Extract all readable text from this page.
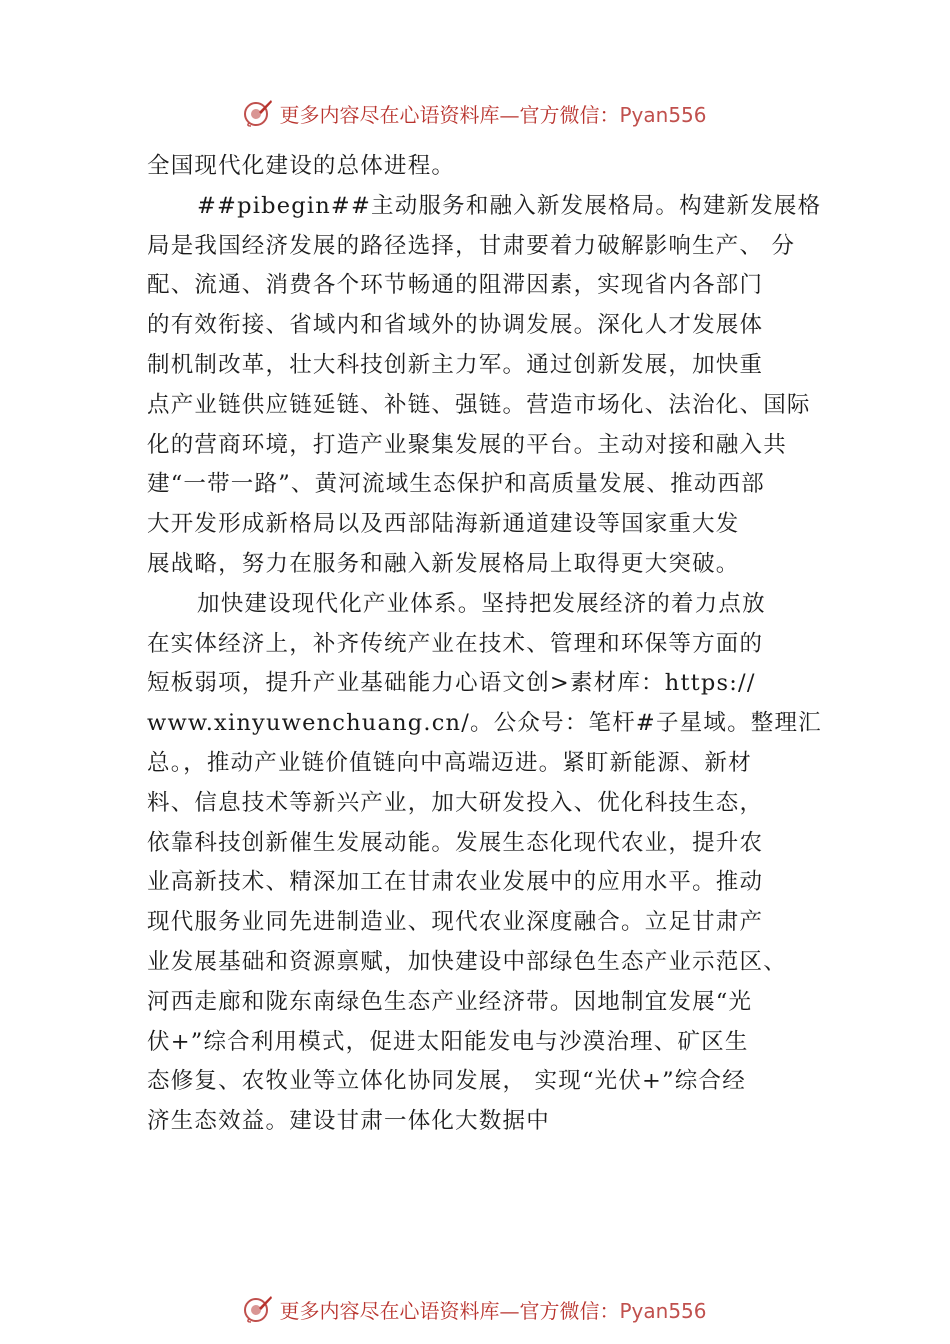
更多内容尽在心语资料库—官方微信：Pyan556
全国现代化建设的总体进程。
##pibegin##主动服务和融入新发展格局。构建新发展格
局是我国经济发展的路径选择，甘肃要着力破解影响生产、 分
配、流通、消费各个环节畅通的阻滞因素，实现省内各部门
的有效衔接、省域内和省域外的协调发展。深化人才发展体
制机制改革，壮大科技创新主力军。通过创新发展，加快重
点产业链供应链延链、补链、强链。营造市场化、法治化、国际
化的营商环境，打造产业聚集发展的平台。主动对接和融入共
建“一带一路”、黄河流域生态保护和高质量发展、推动西部
大开发形成新格局以及西部陆海新通道建设等国家重大发
展战略，努力在服务和融入新发展格局上取得更大突破。
加快建设现代化产业体系。坚持把发展经济的着力点放
在实体经济上，补齐传统产业在技术、管理和环保等方面的
短板弱项，提升产业基础能力心语文创>素材库：https://
www.xinyuwenchuang.cn/。公众号：笔杆#子星域。整理汇
总。，推动产业链价值链向中高端迈进。紧盯新能源、新材
料、信息技术等新兴产业，加大研发投入、优化科技生态，
依靠科技创新催生发展动能。发展生态化现代农业，提升农
业高新技术、精深加工在甘肃农业发展中的应用水平。推动
现代服务业同先进制造业、现代农业深度融合。立足甘肃产
业发展基础和资源禀赋，加快建设中部绿色生态产业示范区、
河西走廊和陇东南绿色生态产业经济带。因地制宜发展“光
伏+”综合利用模式，促进太阳能发电与沙漠治理、矿区生
态修复、农牧业等立体化协同发展， 实现“光伏+”综合经
济生态效益。建设甘肃一体化大数据中
更多内容尽在心语资料库—官方微信：Pyan556
